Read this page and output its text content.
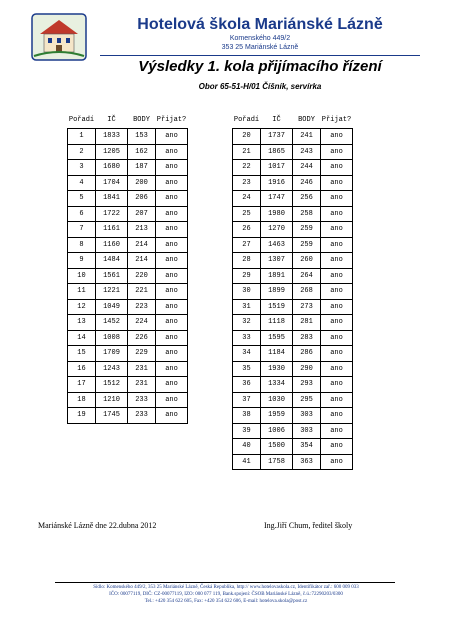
Hotelová škola Mariánské Lázně
Komenského 449/2
353 25 Mariánské Lázně
Výsledky 1. kola přijímacího řízení
Obor 65-51-H/01 Číšník, servírka
Pořadí	IČ	BODY	Přijat?
1	1833	153	ano
2	1205	162	ano
3	1680	187	ano
4	1704	200	ano
5	1841	206	ano
6	1722	207	ano
7	1161	213	ano
8	1160	214	ano
9	1484	214	ano
10	1561	220	ano
11	1221	221	ano
12	1049	223	ano
13	1452	224	ano
14	1008	226	ano
15	1709	229	ano
16	1243	231	ano
17	1512	231	ano
18	1210	233	ano
19	1745	233	ano
Pořadí	IČ	BODY	Přijat?
20	1737	241	ano
21	1865	243	ano
22	1017	244	ano
23	1916	246	ano
24	1747	256	ano
25	1980	258	ano
26	1270	259	ano
27	1463	259	ano
28	1307	260	ano
29	1891	264	ano
30	1899	268	ano
31	1519	273	ano
32	1118	281	ano
33	1595	283	ano
34	1184	286	ano
35	1930	290	ano
36	1334	293	ano
37	1030	295	ano
38	1959	303	ano
39	1006	303	ano
40	1500	354	ano
41	1758	363	ano
Mariánské Lázně dne 22.dubna 2012	Ing.Jiří Chum, ředitel školy
Sídlo: Komenského 449/2, 353 25 Mariánské Lázně, Česká Republika, http:// www.hotelovaskola.cz, Identifikátor zař.: 600 009 033
IČO: 00077119, DIČ: CZ-00077119, IZO: 000 077 119, Bank.spojení: ČSOB Mariánské Lázně, č.ú.:72290203/0300
Tel.: +420 354 622 605, Fax: +420 354 622 606, E-mail: hotelova.skola@post.cz
